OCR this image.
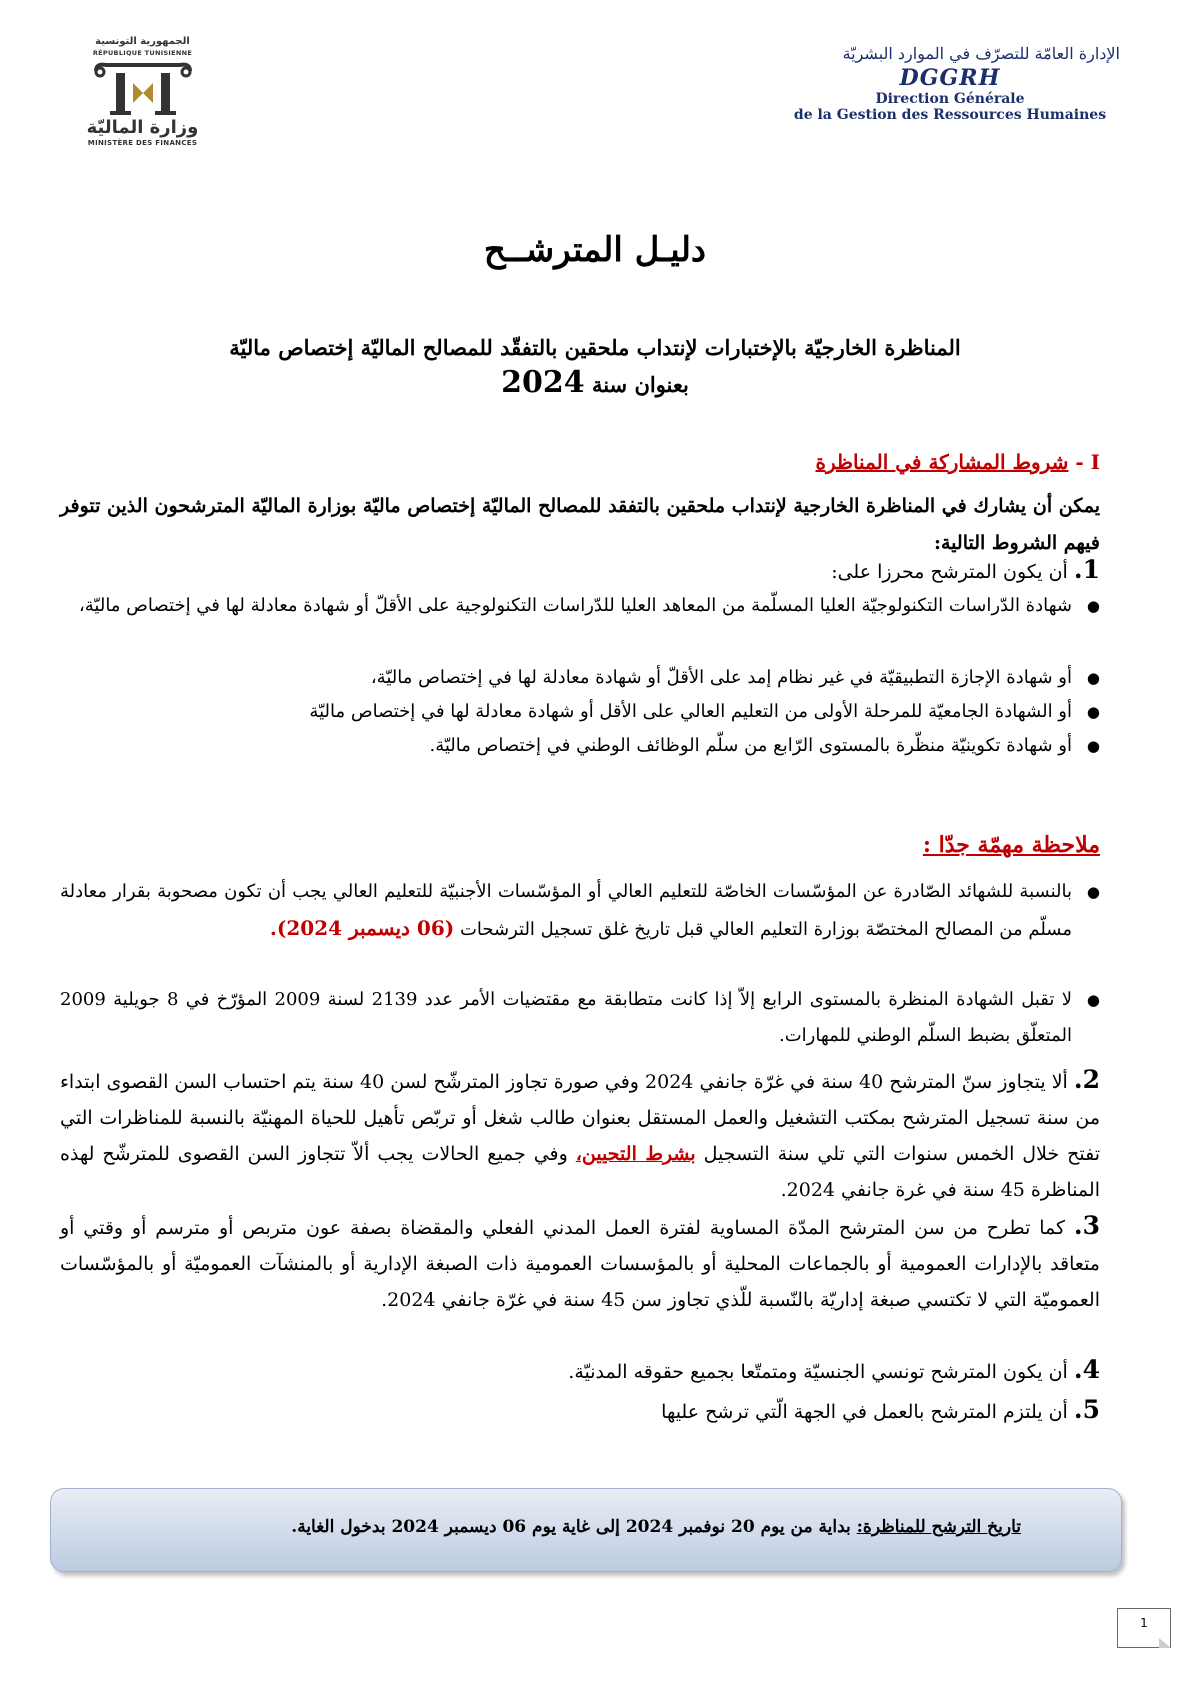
الجمهورية التونسية
RÉPUBLIQUE TUNISIENNE
وزارة الماليّة
MINISTÈRE DES FINANCES
الإدارة العامّة للتصرّف في الموارد البشريّة
DGGRH
Direction Générale
de la Gestion des Ressources Humaines
دليـل المترشــح
المناظرة الخارجيّة بالإختبارات لإنتداب ملحقين بالتفقّد للمصالح الماليّة إختصاص ماليّة
بعنوان سنة 2024
I - شروط المشاركة في المناظرة
يمكن أن يشارك في المناظرة الخارجية لإنتداب ملحقين بالتفقد للمصالح الماليّة إختصاص ماليّة بوزارة الماليّة المترشحون الذين تتوفر فيهم الشروط التالية:
1. أن يكون المترشح محرزا على:
●
شهادة الدّراسات التكنولوجيّة العليا المسلّمة من المعاهد العليا للدّراسات التكنولوجية على الأقلّ أو شهادة معادلة لها في إختصاص ماليّة،
●
أو شهادة الإجازة التطبيقيّة في غير نظام إمد على الأقلّ أو شهادة معادلة لها في إختصاص ماليّة،
●
أو الشهادة الجامعيّة للمرحلة الأولى من التعليم العالي على الأقل أو شهادة معادلة لها في إختصاص ماليّة
●
أو شهادة تكوينيّة منظّرة بالمستوى الرّابع من سلّم الوظائف الوطني في إختصاص ماليّة.
ملاحظة مهمّة جدّا :
●
بالنسبة للشهائد الصّادرة عن المؤسّسات الخاصّة للتعليم العالي أو المؤسّسات الأجنبيّة للتعليم العالي يجب أن تكون مصحوبة بقرار معادلة مسلّم من المصالح المختصّة بوزارة التعليم العالي قبل تاريخ غلق تسجيل الترشحات (06 ديسمبر 2024).
●
لا تقبل الشهادة المنظرة بالمستوى الرابع إلاّ إذا كانت متطابقة مع مقتضيات الأمر عدد 2139 لسنة 2009 المؤرّخ في 8 جويلية 2009 المتعلّق بضبط السلّم الوطني للمهارات.
2. ألا يتجاوز سنّ المترشح 40 سنة في غرّة جانفي 2024 وفي صورة تجاوز المترشّح لسن 40 سنة يتم احتساب السن القصوى ابتداء من سنة تسجيل المترشح بمكتب التشغيل والعمل المستقل بعنوان طالب شغل أو تربّص تأهيل للحياة المهنيّة بالنسبة للمناظرات التي تفتح خلال الخمس سنوات التي تلي سنة التسجيل بشرط التحيين، وفي جميع الحالات يجب ألاّ تتجاوز السن القصوى للمترشّح لهذه المناظرة 45 سنة في غرة جانفي 2024.
3. كما تطرح من سن المترشح المدّة المساوية لفترة العمل المدني الفعلي والمقضاة بصفة عون متربص أو مترسم أو وقتي أو متعاقد بالإدارات العمومية أو بالجماعات المحلية أو بالمؤسسات العمومية ذات الصبغة الإدارية أو بالمنشآت العموميّة أو بالمؤسّسات العموميّة التي لا تكتسي صبغة إداريّة بالنّسبة للّذي تجاوز سن 45 سنة في غرّة جانفي 2024.
4. أن يكون المترشح تونسي الجنسيّة ومتمتّعا بجميع حقوقه المدنيّة.
5. أن يلتزم المترشح بالعمل في الجهة الّتي ترشح عليها
تاريخ الترشح للمناظرة: بداية من يوم 20 نوفمبر 2024 إلى غاية يوم 06 ديسمبر 2024 بدخول الغاية.
1
